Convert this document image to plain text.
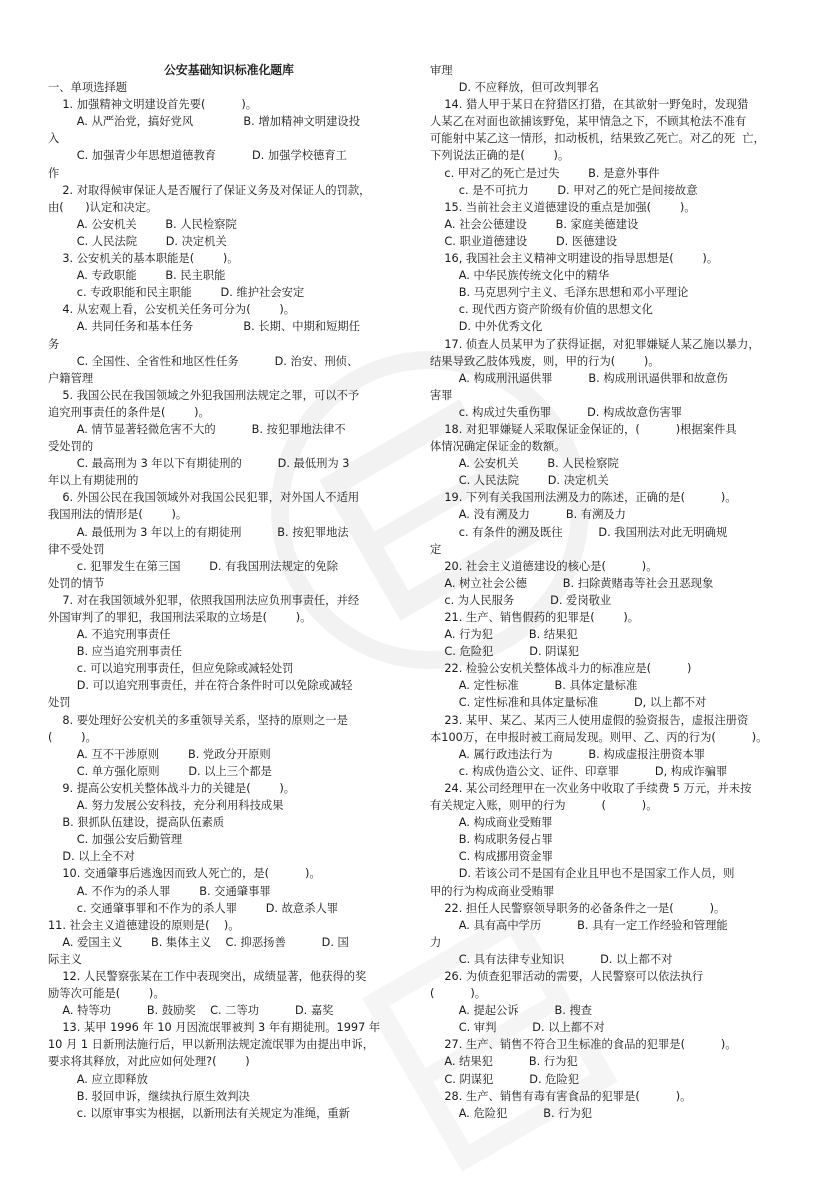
公安基础知识标准化题库

一、单项选择题

1. 加强精神文明建设首先要(          )。

A. 从严治党，搞好党风              B. 增加精神文明建设投

入

C. 加强青少年思想道德教育          D. 加强学校德育工

作

2. 对取得候审保证人是否履行了保证义务及对保证人的罚款，

由(      )认定和决定。

A. 公安机关        B. 人民检察院

C. 人民法院        D. 决定机关

3. 公安机关的基本职能是(        )。

A. 专政职能        B. 民主职能

c. 专政职能和民主职能        D. 维护社会安定

4. 从宏观上看，公安机关任务可分为(        )。

A. 共同任务和基本任务              B. 长期、中期和短期任

务

C. 全国性、全省性和地区性任务          D. 治安、刑侦、

户籍管理

5. 我国公民在我国领域之外犯我国刑法规定之罪，可以不予

追究刑事责任的条件是(        )。

A. 情节显著轻微危害不大的          B. 按犯罪地法律不

受处罚的

C. 最高刑为 3 年以下有期徒刑的          D. 最低刑为 3

年以上有期徒刑的

6. 外国公民在我国领域外对我国公民犯罪，对外国人不适用

我国刑法的情形是(        )。

A. 最低刑为 3 年以上的有期徒刑          B. 按犯罪地法

律不受处罚

c. 犯罪发生在第三国        D. 有我国刑法规定的免除

处罚的情节

7. 对在我国领域外犯罪，依照我国刑法应负刑事责任，并经

外国审判了的罪犯，我国刑法采取的立场是(        )。

A. 不追究刑事责任

B. 应当追究刑事责任

c. 可以追究刑事责任，但应免除或减轻处罚

D. 可以追究刑事责任，并在符合条件时可以免除或减轻

处罚

8. 要处理好公安机关的多重领导关系，坚持的原则之一是

(        )。

A. 互不干涉原则        B. 党政分开原则

C. 单方强化原则        D. 以上三个都是

9. 提高公安机关整体战斗力的关键是(        )。

A. 努力发展公安科技，充分利用科技成果

B. 狠抓队伍建设，提高队伍素质

C. 加强公安后勤管理

D. 以上全不对

10. 交通肇事后逃逸因而致人死亡的，是(          )。

A. 不作为的杀人罪        B. 交通肇事罪

c. 交通肇事罪和不作为的杀人罪        D. 故意杀人罪

11. 社会主义道德建设的原则是(    )。

A. 爱国主义        B. 集体主义    C. 抑恶扬善          D. 国

际主义

12. 人民警察张某在工作中表现突出，成绩显著，他获得的奖

励等次可能是(        )。

A. 特等功          B. 鼓励奖    C. 二等功          D. 嘉奖

13. 某甲 1996 年 10 月因流氓罪被判 3 年有期徒刑。1997 年

10 月 1 日新刑法施行后，甲以新刑法规定流氓罪为由提出申诉，

要求将其释放，对此应如何处理?(        )

A. 应立即释放

B. 驳回申诉，继续执行原生效判决

c. 以原审事实为根据，以新刑法有关规定为准绳，重新

审理

D. 不应释放，但可改判罪名

14. 猎人甲于某日在狩猎区打猎，在其欲射一野兔时，发现猎

人某乙在对面也欲捕该野兔，某甲情急之下，不顾其枪法不准有

可能射中某乙这一情形，扣动板机，结果致乙死亡。对乙的死  亡，

下列说法正确的是(        )。

c. 甲对乙的死亡是过失        B. 是意外事件

c. 是不可抗力        D. 甲对乙的死亡是间接故意

15. 当前社会主义道德建设的重点是加强(        )。

A. 社会公德建设        B. 家庭美德建设

C. 职业道德建设        D. 医德建设

16, 我国社会主义精神文明建设的指导思想是(        )。

A. 中华民族传统文化中的精华

B. 马克思列宁主义、毛泽东思想和邓小平理论

c. 现代西方资产阶级有价值的思想文化

D. 中外优秀文化

17. 侦查人员某甲为了获得证据，对犯罪嫌疑人某乙施以暴力，

结果导致乙肢体残废，则，甲的行为(        )。

A. 构成刑汛逼供罪          B. 构成刑讯逼供罪和故意伤

害罪

c. 构成过失重伤罪          D. 构成故意伤害罪

18. 对犯罪嫌疑人采取保证金保证的，(          )根据案件具

体情况确定保证金的数额。

A. 公安机关        B. 人民检察院

C. 人民法院        D. 决定机关

19. 下列有关我国刑法溯及力的陈述，正确的是(          )。

A. 没有溯及力          B. 有溯及力

c. 有条件的溯及既往          D. 我国刑法对此无明确规

定

20. 社会主义道德建设的核心是(          )。

A. 树立社会公德          B. 扫除黄赌毒等社会丑恶现象

c. 为人民服务          D. 爱岗敬业

21. 生产、销售假药的犯罪是(        )。

A. 行为犯          B. 结果犯

C. 危险犯          D. 阴谋犯

22. 检验公安机关整体战斗力的标准应是(          )

A. 定性标准          B. 具体定量标准

C. 定性标准和具体定量标准          D, 以上都不对

23. 某甲、某乙、某丙三人使用虚假的验资报告，虚报注册资

本100万，在申报时被工商局发现。则甲、乙、丙的行为(          )。

A. 属行政违法行为          B. 构成虚报注册资本罪

c. 构成伪造公文、证件、印章罪          D, 构成诈骗罪

24. 某公司经理甲在一次业务中收取了手续费 5 万元，并未按

有关规定入账，则甲的行为          (          )。

A. 构成商业受贿罪

B. 构成职务侵占罪

C. 构成挪用资金罪

D. 若该公司不是国有企业且甲也不是国家工作人员，则

甲的行为构成商业受贿罪

22. 担任人民警察领导职务的必备条件之一是(          )。

A. 具有高中学历          B. 具有一定工作经验和管理能

力

C. 具有法律专业知识          D. 以上都不对

26. 为侦查犯罪活动的需要，人民警察可以依法执行

(          )。

A. 提起公诉          B. 搜查

C. 审判          D. 以上都不对

27. 生产、销售不符合卫生标准的食品的犯罪是(          )。

A. 结果犯          B. 行为犯

C. 阴谋犯          D. 危险犯

28. 生产、销售有毒有害食品的犯罪是(          )。

A. 危险犯          B. 行为犯
